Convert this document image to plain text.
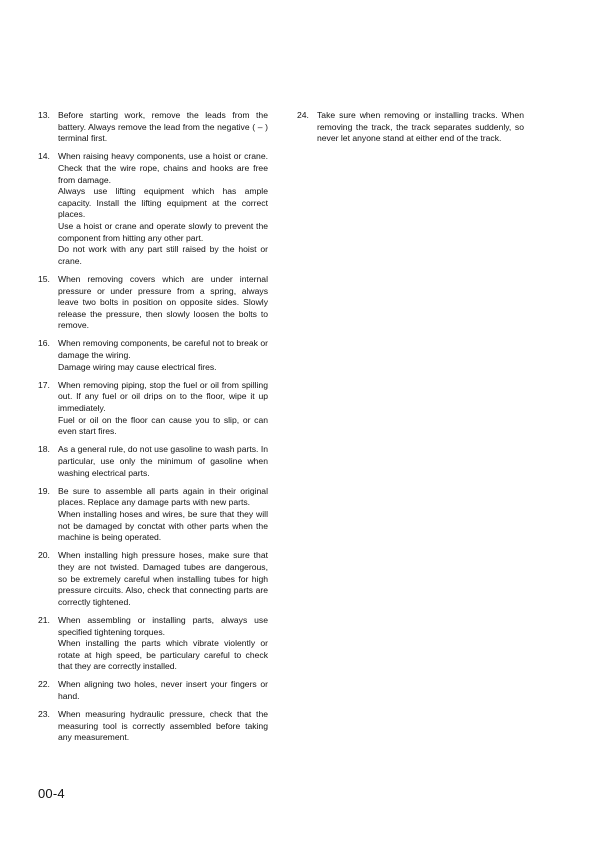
13. Before starting work, remove the leads from the battery. Always remove the lead from the negative ( – ) terminal first.

14. When raising heavy components, use a hoist or crane. Check that the wire rope, chains and hooks are free from damage.

Always use lifting equipment which has ample capacity. Install the lifting equipment at the correct places.

Use a hoist or crane and operate slowly to prevent the component from hitting any other part.

Do not work with any part still raised by the hoist or crane.

15. When removing covers which are under internal pressure or under pressure from a spring, always leave two bolts in position on opposite sides. Slowly release the pressure, then slowly loosen the bolts to remove.

16. When removing components, be careful not to break or damage the wiring.

Damage wiring may cause electrical fires.

17. When removing piping, stop the fuel or oil from spilling out. If any fuel or oil drips on to the floor, wipe it up immediately.

Fuel or oil on the floor can cause you to slip, or can even start fires.

18. As a general rule, do not use gasoline to wash parts. In particular, use only the minimum of gasoline when washing electrical parts.

19. Be sure to assemble all parts again in their original places. Replace any damage parts with new parts.

When installing hoses and wires, be sure that they will not be damaged by conctat with other parts when the machine is being operated.

20. When installing high pressure hoses, make sure that they are not twisted. Damaged tubes are dangerous, so be extremely careful when installing tubes for high pressure circuits. Also, check that connecting parts are correctly tightened.

21. When assembling or installing parts, always use specified tightening torques.

When installing the parts which vibrate violently or rotate at high speed, be particulary careful to check that they are correctly installed.

22. When aligning two holes, never insert your fingers or hand.

23. When measuring hydraulic pressure, check that the measuring tool is correctly assembled before taking any measurement.

24. Take sure when removing or installing tracks. When removing the track, the track separates suddenly, so never let anyone stand at either end of the track.

00-4
